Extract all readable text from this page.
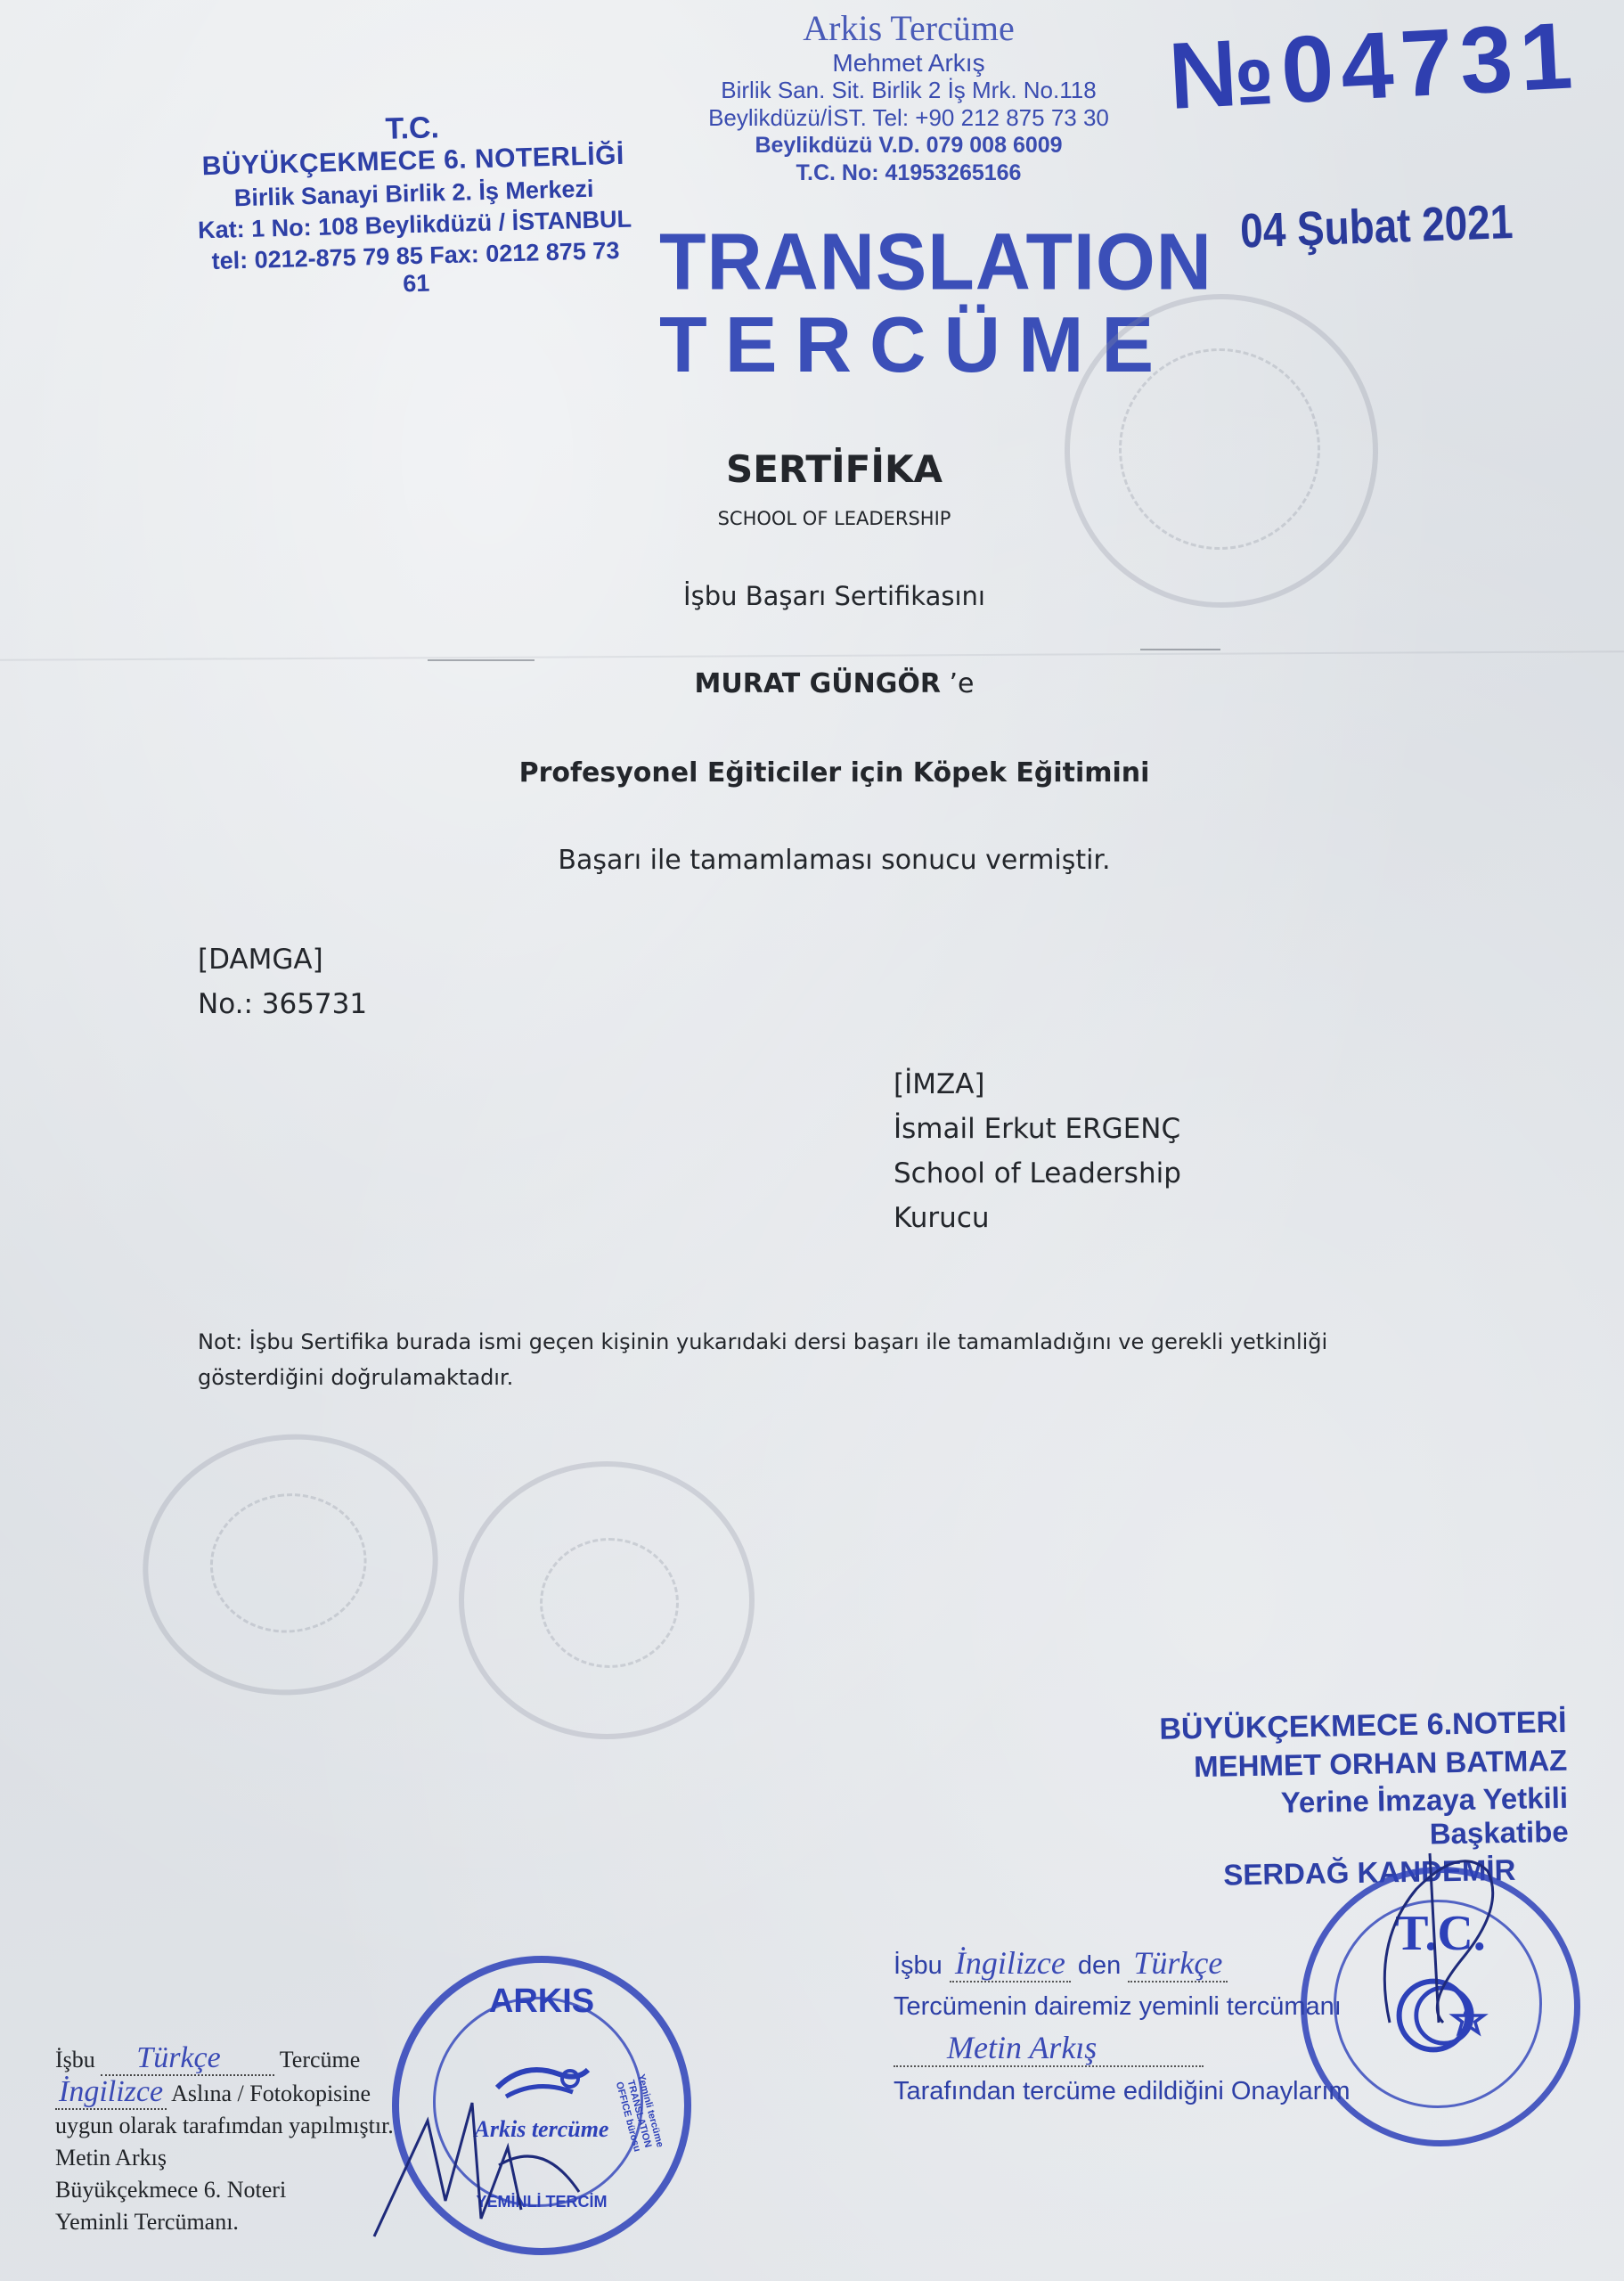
T.C.
BÜYÜKÇEKMECE 6. NOTERLİĞİ
Birlik Sanayi Birlik 2. İş Merkezi
Kat: 1 No: 108 Beylikdüzü / İSTANBUL
tel: 0212-875 79 85 Fax: 0212 875 73 61
Arkis Tercüme
Mehmet Arkış
Birlik San. Sit. Birlik 2 İş Mrk. No.118
Beylikdüzü/İST. Tel: +90 212 875 73 30
Beylikdüzü V.D. 079 008 6009
T.C. No: 41953265166
TRANSLATION
TERCÜME
№04731
04 Şubat 2021
SERTİFİKA
SCHOOL OF LEADERSHIP
İşbu Başarı Sertifikasını
MURAT GÜNGÖR ’e
Profesyonel Eğiticiler için Köpek Eğitimini
Başarı ile tamamlaması sonucu vermiştir.
[DAMGA]
No.: 365731
[İMZA]
İsmail Erkut ERGENÇ
School of Leadership
Kurucu
Not: İşbu Sertifika burada ismi geçen kişinin yukarıdaki dersi başarı ile tamamladığını ve gerekli yetkinliği gösterdiğini doğrulamaktadır.
BÜYÜKÇEKMECE 6.NOTERİ
MEHMET ORHAN BATMAZ
Yerine İmzaya Yetkili Başkatibe
SERDAĞ KANDEMİR
T.C.
İşbu İngilizce den Türkçe
Tercümenin dairemiz yeminli tercümanı
Metin Arkış
Tarafından tercüme edildiğini Onaylarım
İşbu Türkçe	Tercüme
İngilizce Aslına / Fotokopisine
uygun olarak tarafımdan yapılmıştır.
Metin Arkış
Büyükçekmece 6. Noteri
Yeminli Tercümanı.
ARKIS
Arkis tercüme
YEMİNLİ TERCİM
Yeminli tercüme TRANSLATION OFFICE bürosu
